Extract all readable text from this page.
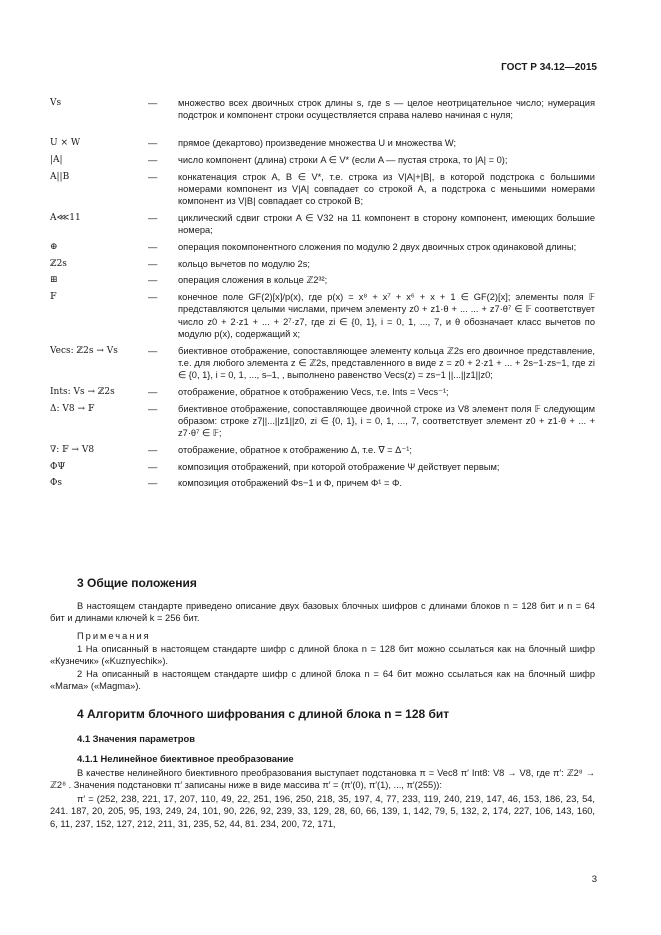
ГОСТ Р 34.12—2015
Vs	—	множество всех двоичных строк длины s, где s — целое неотрицательное число; нумерация подстрок и компонент строки осуществляется справа налево начиная с нуля;
U × W	—	прямое (декартово) произведение множества U и множества W;
|A|	—	число компонент (длина) строки A ∈ V* (если A — пустая строка, то |A| = 0);
A||B	—	конкатенация строк A, B ∈ V*, т.е. строка из V|A|+|B|, в которой подстрока с большими номерами компонент из V|A| совпадает со строкой A, а подстрока с меньшими номерами компонент из V|B| совпадает со строкой B;
A⋘11	—	циклический сдвиг строки A ∈ V32 на 11 компонент в сторону компонент, имеющих большие номера;
⊕	—	операция покомпонентного сложения по модулю 2 двух двоичных строк одинаковой длины;
ℤ2s	—	кольцо вычетов по модулю 2s;
⊞	—	операция сложения в кольце ℤ2³²;
𝔽	—	конечное поле GF(2)[x]/p(x), где p(x) = x⁸ + x⁷ + x⁶ + x + 1 ∈ GF(2)[x]; элементы поля 𝔽 представляются целыми числами, причем элементу z0 + z1·θ + ... ... + z7·θ⁷ ∈ 𝔽 соответствует число z0 + 2·z1 + ... + 2⁷·z7, где zi ∈ {0, 1}, i = 0, 1, ..., 7, и θ обозначает класс вычетов по модулю p(x), содержащий x;
Vecs: ℤ2s → Vs	—	биективное отображение, сопоставляющее элементу кольца ℤ2s его двоичное представление, т.е. для любого элемента z ∈ ℤ2s, представленного в виде z = z0 + 2·z1 + ... + 2s−1·zs−1, где zi ∈ {0, 1}, i = 0, 1, ..., s–1, , выполнено равенство Vecs(z) = zs−1 ||...||z1||z0;
Ints: Vs → ℤ2s	—	отображение, обратное к отображению Vecs, т.е. Ints = Vecs⁻¹;
Δ: V8 → 𝔽	—	биективное отображение, сопоставляющее двоичной строке из V8 элемент поля 𝔽 следующим образом: строке z7||...||z1||z0, zi ∈ {0, 1}, i = 0, 1, ..., 7, соответствует элемент z0 + z1·θ + ... + z7·θ⁷ ∈ 𝔽;
∇: 𝔽 → V8	—	отображение, обратное к отображению Δ, т.е. ∇ = Δ⁻¹;
ΦΨ	—	композиция отображений, при которой отображение Ψ действует первым;
Φs	—	композиция отображений Φs−1 и Φ, причем Φ¹ = Φ.
3 Общие положения
В настоящем стандарте приведено описание двух базовых блочных шифров с длинами блоков n = 128 бит и n = 64 бит и длинами ключей k = 256 бит.
Примечания
1 На описанный в настоящем стандарте шифр с длиной блока n = 128 бит можно ссылаться как на блочный шифр «Кузнечик» («Kuznyechik»).
2 На описанный в настоящем стандарте шифр с длиной блока n = 64 бит можно ссылаться как на блочный шифр «Магма» («Magma»).
4 Алгоритм блочного шифрования с длиной блока n = 128 бит
4.1 Значения параметров
4.1.1 Нелинейное биективное преобразование
В качестве нелинейного биективного преобразования выступает подстановка π = Vec8 π′ Int8: V8 → V8, где π′: ℤ2⁸ → ℤ2⁸ . Значения подстановки π′ записаны ниже в виде массива π′ = (π′(0), π′(1), ..., π′(255)):
π′ = (252, 238, 221, 17, 207, 110, 49, 22, 251, 196, 250, 218, 35, 197, 4, 77, 233, 119, 240, 219, 147, 46, 153, 186, 23, 54, 241. 187, 20, 205, 95, 193, 249, 24, 101, 90, 226, 92, 239, 33, 129, 28, 60, 66, 139, 1, 142, 79, 5, 132, 2, 174, 227, 106, 143, 160, 6, 11, 237, 152, 127, 212, 211, 31, 235, 52, 44, 81. 234, 200, 72, 171,
3
